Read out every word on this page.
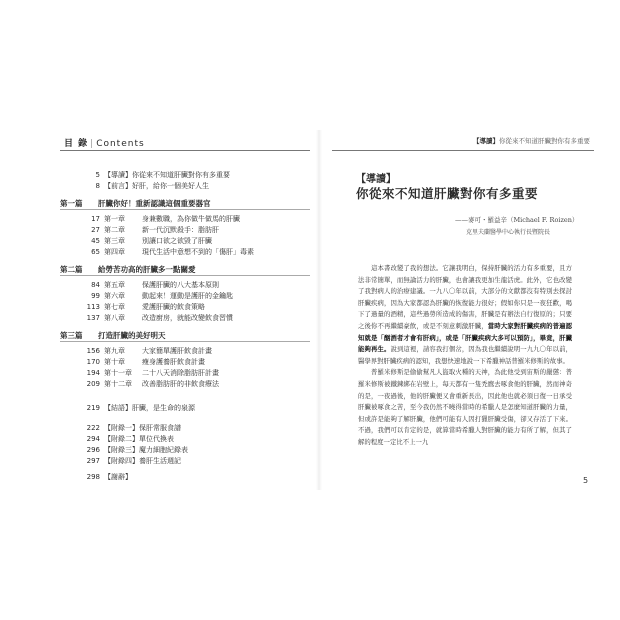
目 錄 | Contents
5 【導讀】你從來不知道肝臟對你有多重要
8 【前言】好肝，給你一個美好人生
第一篇 肝臟你好！重新認識這個重要器官
17 第一章 身兼數職，為你做牛做馬的肝臟
27 第二章 新一代沉默殺手：脂肪肝
45 第三章 別讓口欲之欲毀了肝臟
65 第四章 現代生活中意想不到的「傷肝」毒素
第二篇 給勞苦功高的肝臟多一點關愛
84 第五章 保護肝臟的八大基本原則
99 第六章 動起來！運動是護肝的金鑰匙
113 第七章 愛護肝臟的飲食策略
137 第八章 改造廚房，就能改變飲食習慣
第三篇 打造肝臟的美好明天
156 第九章 大家簡單護肝飲食計畫
170 第十章 瘦身護養肝飲食計畫
194 第十一章 二十八天消除脂肪肝計畫
209 第十二章 改善脂肪肝的非飲食療法
219 【結語】肝臟，是生命的泉源
222 【附錄一】保肝常服食譜
294 【附錄二】單位代換表
296 【附錄三】魔力細胞紀錄表
297 【附錄四】養肝生活週記
298 【謝辭】
【導讀】你從來不知道肝臟對你有多重要
【導讀】
你從來不知道肝臟對你有多重要
——麥可・羅益辛（Michael F. Roizen）
克里夫蘭醫學中心執行長暨院長

這本書改變了我的想法。它讓我明白，保持肝臟的活力有多重要，且方法非常簡單，而無論活力的肝臟，也會讓我更加生龍活虎。此外，它也改變了我對病人的治療建議。一九八〇年以前，大部分的文獻都沒有特別去探討肝臟疾病，因為大家都認為肝臟的恢復能力很好；假如你只是一夜狂歡，喝下了過量的酒精，這些過勞所造成的傷害，肝臟是有辦法自行復原的；只要之後你不再繼續豪飲，或是不刻意刺激肝臟，當時大家對肝臟疾病的普遍認知就是「酗酒者才會有肝病」，或是「肝臟疾病大多可以預防」，畢竟，肝臟能夠再生。說到這裡，請容我打個岔，因為我也繼續說明一九九〇年以前，醫學界對肝臟疾病的認知，我想快速地說一下希臘神話普羅米修斯的故事。

普羅米修斯是偷偷幫凡人盜取火種的天神，為此他受到宙斯的嚴懲：普羅米修斯被鐵鍊綁在岩壁上，每天都有一隻禿鷹去啄食他的肝臟，然而神奇的是，一夜過後，他的肝臟便又會重新長出，因此他也就必須日復一日承受肝臟被啄食之苦，至今我仍然不曉得當時的希臘人是怎麼知道肝臟的力量，但或許是能夠了解肝臟，他們可能有人因打獵肝臟受傷，卻又存活了下來。不過，我們可以肯定的是，就算當時希臘人對肝臟的能力有所了解，但其了解的程度一定比不上一九

5
